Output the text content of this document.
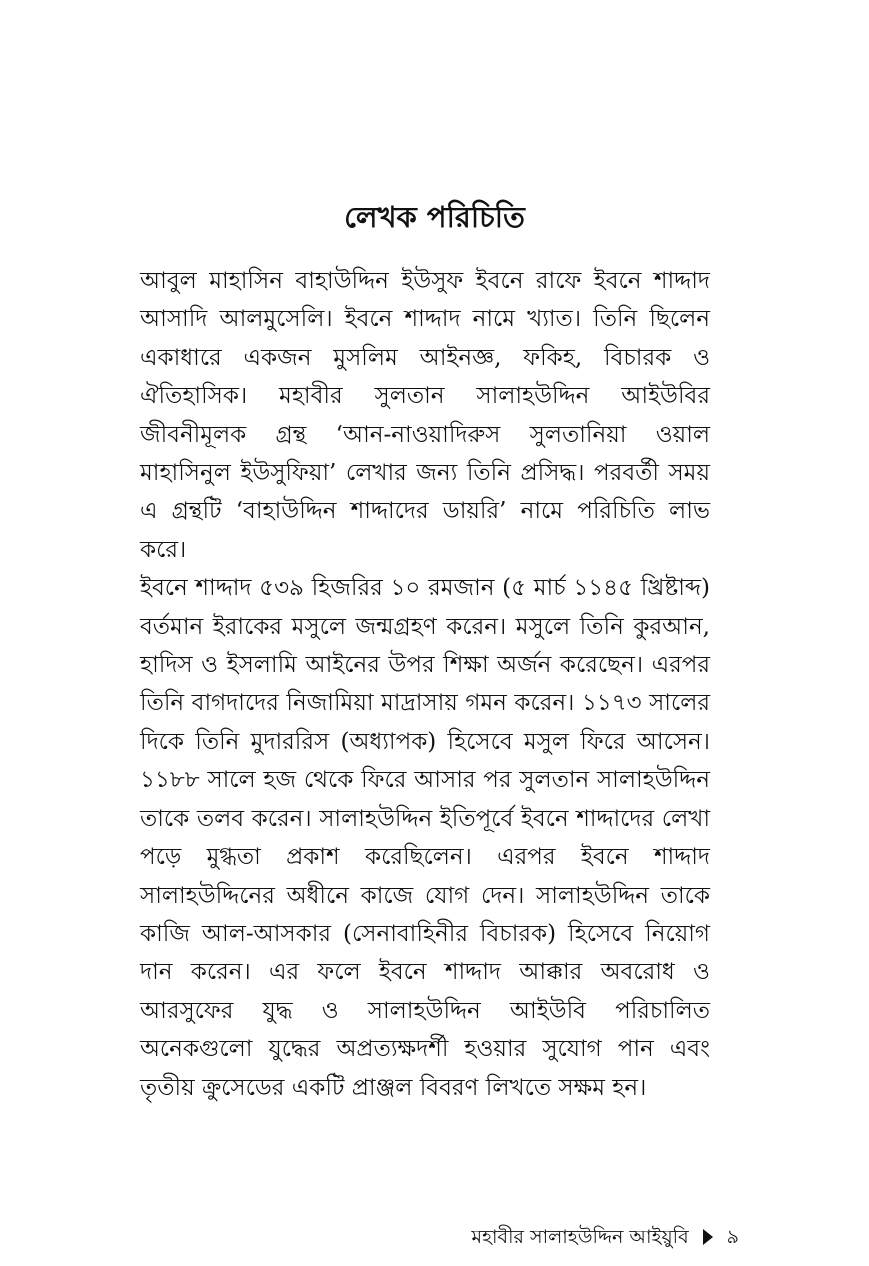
লেখক পরিচিতি

আবুল মাহাসিন বাহাউদ্দিন ইউসুফ ইবনে রাফে ইবনে শাদ্দাদ আসাদি আলমুসেলি। ইবনে শাদ্দাদ নামে খ্যাত। তিনি ছিলেন একাধারে একজন মুসলিম আইনজ্ঞ, ফকিহ, বিচারক ও ঐতিহাসিক। মহাবীর সুলতান সালাহউদ্দিন আইউবির জীবনীমূলক গ্রন্থ ‘আন-নাওয়াদিরুস সুলতানিয়া ওয়াল মাহাসিনুল ইউসুফিয়া’ লেখার জন্য তিনি প্রসিদ্ধ। পরবর্তী সময় এ গ্রন্থটি ‘বাহাউদ্দিন শাদ্দাদের ডায়রি’ নামে পরিচিতি লাভ করে।

ইবনে শাদ্দাদ ৫৩৯ হিজরির ১০ রমজান (৫ মার্চ ১১৪৫ খ্রিষ্টাব্দ) বর্তমান ইরাকের মসুলে জন্মগ্রহণ করেন। মসুলে তিনি কুরআন, হাদিস ও ইসলামি আইনের উপর শিক্ষা অর্জন করেছেন। এরপর তিনি বাগদাদের নিজামিয়া মাদ্রাসায় গমন করেন। ১১৭৩ সালের দিকে তিনি মুদাররিস (অধ্যাপক) হিসেবে মসুল ফিরে আসেন। ১১৮৮ সালে হজ থেকে ফিরে আসার পর সুলতান সালাহউদ্দিন তাকে তলব করেন। সালাহউদ্দিন ইতিপূর্বে ইবনে শাদ্দাদের লেখা পড়ে মুগ্ধতা প্রকাশ করেছিলেন। এরপর ইবনে শাদ্দাদ সালাহউদ্দিনের অধীনে কাজে যোগ দেন। সালাহউদ্দিন তাকে কাজি আল-আসকার (সেনাবাহিনীর বিচারক) হিসেবে নিয়োগ দান করেন। এর ফলে ইবনে শাদ্দাদ আক্কার অবরোধ ও আরসুফের যুদ্ধ ও সালাহউদ্দিন আইউবি পরিচালিত অনেকগুলো যুদ্ধের অপ্রত্যক্ষদর্শী হওয়ার সুযোগ পান এবং তৃতীয় ক্রুসেডের একটি প্রাঞ্জল বিবরণ লিখতে সক্ষম হন।

মহাবীর সালাহউদ্দিন আইয়ুবি ৯
